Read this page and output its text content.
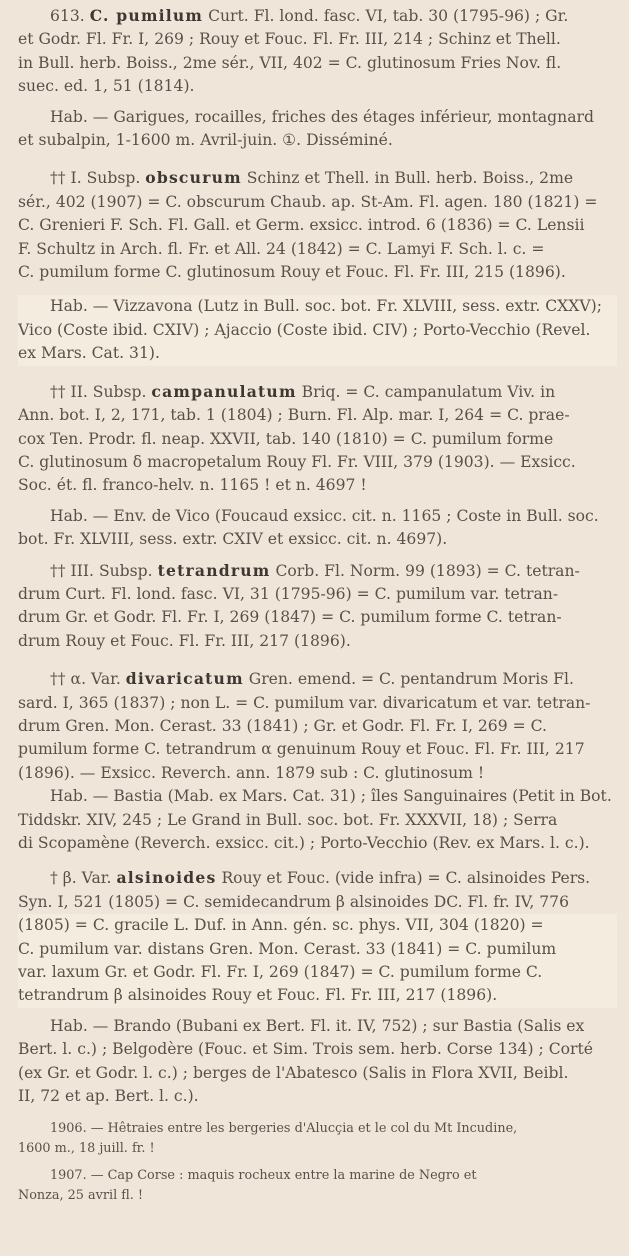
613. C. pumilum Curt. Fl. lond. fasc. VI, tab. 30 (1795-96) ; Gr.
et Godr. Fl. Fr. I, 269 ; Rouy et Fouc. Fl. Fr. III, 214 ; Schinz et Thell.
in Bull. herb. Boiss., 2me sér., VII, 402 = C. glutinosum Fries Nov. fl.
suec. ed. 1, 51 (1814).
Hab. — Garigues, rocailles, friches des étages inférieur, montagnard
et subalpin, 1-1600 m. Avril-juin. ①. Disséminé.
†† I. Subsp. obscurum Schinz et Thell. in Bull. herb. Boiss., 2me
sér., 402 (1907) = C. obscurum Chaub. ap. St-Am. Fl. agen. 180 (1821) =
C. Grenieri F. Sch. Fl. Gall. et Germ. exsicc. introd. 6 (1836) = C. Lensii
F. Schultz in Arch. fl. Fr. et All. 24 (1842) = C. Lamyi F. Sch. l. c. =
C. pumilum forme C. glutinosum Rouy et Fouc. Fl. Fr. III, 215 (1896).
Hab. — Vizzavona (Lutz in Bull. soc. bot. Fr. XLVIII, sess. extr. CXXV);
Vico (Coste ibid. CXIV) ; Ajaccio (Coste ibid. CIV) ; Porto-Vecchio (Revel.
ex Mars. Cat. 31).
†† II. Subsp. campanulatum Briq. = C. campanulatum Viv. in
Ann. bot. I, 2, 171, tab. 1 (1804) ; Burn. Fl. Alp. mar. I, 264 = C. prae-
cox Ten. Prodr. fl. neap. XXVII, tab. 140 (1810) = C. pumilum forme
C. glutinosum δ macropetalum Rouy Fl. Fr. VIII, 379 (1903). — Exsicc.
Soc. ét. fl. franco-helv. n. 1165 ! et n. 4697 !
Hab. — Env. de Vico (Foucaud exsicc. cit. n. 1165 ; Coste in Bull. soc.
bot. Fr. XLVIII, sess. extr. CXIV et exsicc. cit. n. 4697).
†† III. Subsp. tetrandrum Corb. Fl. Norm. 99 (1893) = C. tetran-
drum Curt. Fl. lond. fasc. VI, 31 (1795-96) = C. pumilum var. tetran-
drum Gr. et Godr. Fl. Fr. I, 269 (1847) = C. pumilum forme C. tetran-
drum Rouy et Fouc. Fl. Fr. III, 217 (1896).
†† α. Var. divaricatum Gren. emend. = C. pentandrum Moris Fl.
sard. I, 365 (1837) ; non L. = C. pumilum var. divaricatum et var. tetran-
drum Gren. Mon. Cerast. 33 (1841) ; Gr. et Godr. Fl. Fr. I, 269 = C.
pumilum forme C. tetrandrum α genuinum Rouy et Fouc. Fl. Fr. III, 217
(1896). — Exsicc. Reverch. ann. 1879 sub : C. glutinosum !
Hab. — Bastia (Mab. ex Mars. Cat. 31) ; îles Sanguinaires (Petit in Bot.
Tiddskr. XIV, 245 ; Le Grand in Bull. soc. bot. Fr. XXXVII, 18) ; Serra
di Scopamène (Reverch. exsicc. cit.) ; Porto-Vecchio (Rev. ex Mars. l. c.).
† β. Var. alsinoides Rouy et Fouc. (vide infra) = C. alsinoides Pers.
Syn. I, 521 (1805) = C. semidecandrum β alsinoides DC. Fl. fr. IV, 776
(1805) = C. gracile L. Duf. in Ann. gén. sc. phys. VII, 304 (1820) =
C. pumilum var. distans Gren. Mon. Cerast. 33 (1841) = C. pumilum
var. laxum Gr. et Godr. Fl. Fr. I, 269 (1847) = C. pumilum forme C.
tetrandrum β alsinoides Rouy et Fouc. Fl. Fr. III, 217 (1896).
Hab. — Brando (Bubani ex Bert. Fl. it. IV, 752) ; sur Bastia (Salis ex
Bert. l. c.) ; Belgodère (Fouc. et Sim. Trois sem. herb. Corse 134) ; Corté
(ex Gr. et Godr. l. c.) ; berges de l'Abatesco (Salis in Flora XVII, Beibl.
II, 72 et ap. Bert. l. c.).
1906. — Hêtraies entre les bergeries d'Alucçia et le col du Mt Incudine,
1600 m., 18 juill. fr. !
1907. — Cap Corse : maquis rocheux entre la marine de Negro et
Nonza, 25 avril fl. !
